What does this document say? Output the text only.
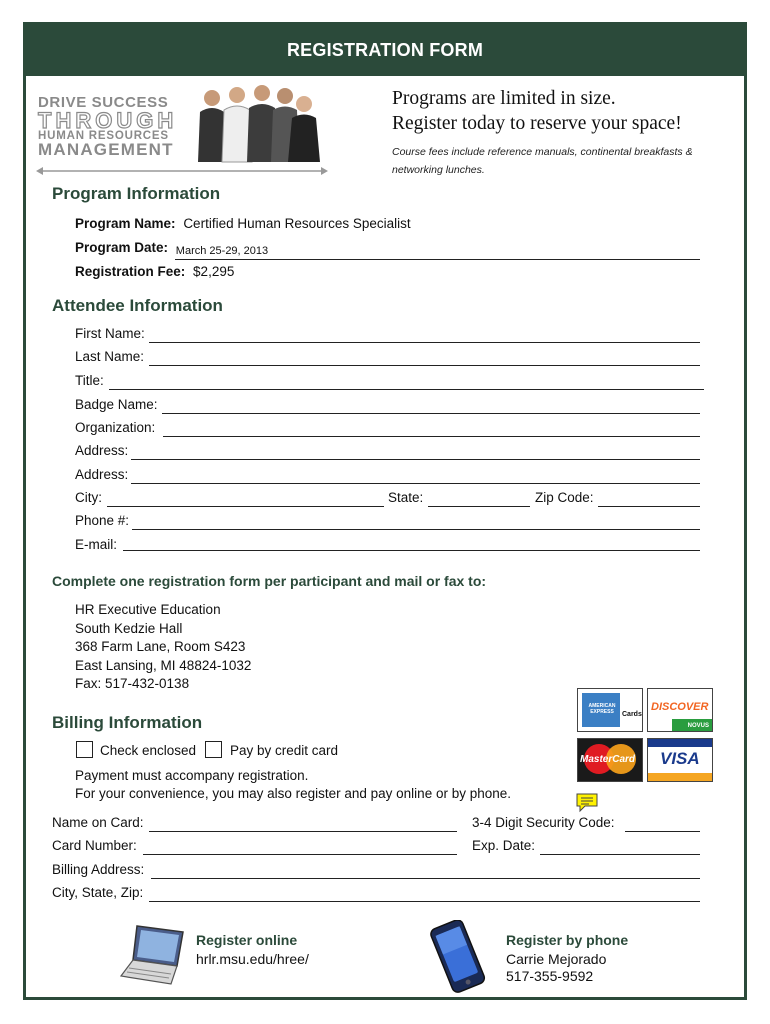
REGISTRATION FORM
DRIVE SUCCESS
THROUGH
HUMAN RESOURCES
MANAGEMENT
Programs are limited in size.
Register today to reserve your space!
Course fees include reference manuals, continental breakfasts & networking lunches.
Program Information
Program Name: Certified Human Resources Specialist
Program Date: March 25-29, 2013
Registration Fee: $2,295
Attendee Information
First Name:
Last Name:
Title:
Badge Name:
Organization:
Address:
Address:
City:	State:	Zip Code:
Phone #:
E-mail:
Complete one registration form per participant and mail or fax to:
HR Executive Education
South Kedzie Hall
368 Farm Lane, Room S423
East Lansing, MI 48824-1032
Fax: 517-432-0138
AMERICAN EXPRESS	Cards
DISCOVER
NOVUS
MasterCard VISA
Billing Information
Check enclosed	Pay by credit card
Payment must accompany registration.
For your convenience, you may also register and pay online or by phone.
Name on Card:	3-4 Digit Security Code:
Card Number:	Exp. Date:
Billing Address:
City, State, Zip:
Register online
hrlr.msu.edu/hree/
Register by phone
Carrie Mejorado
517-355-9592
